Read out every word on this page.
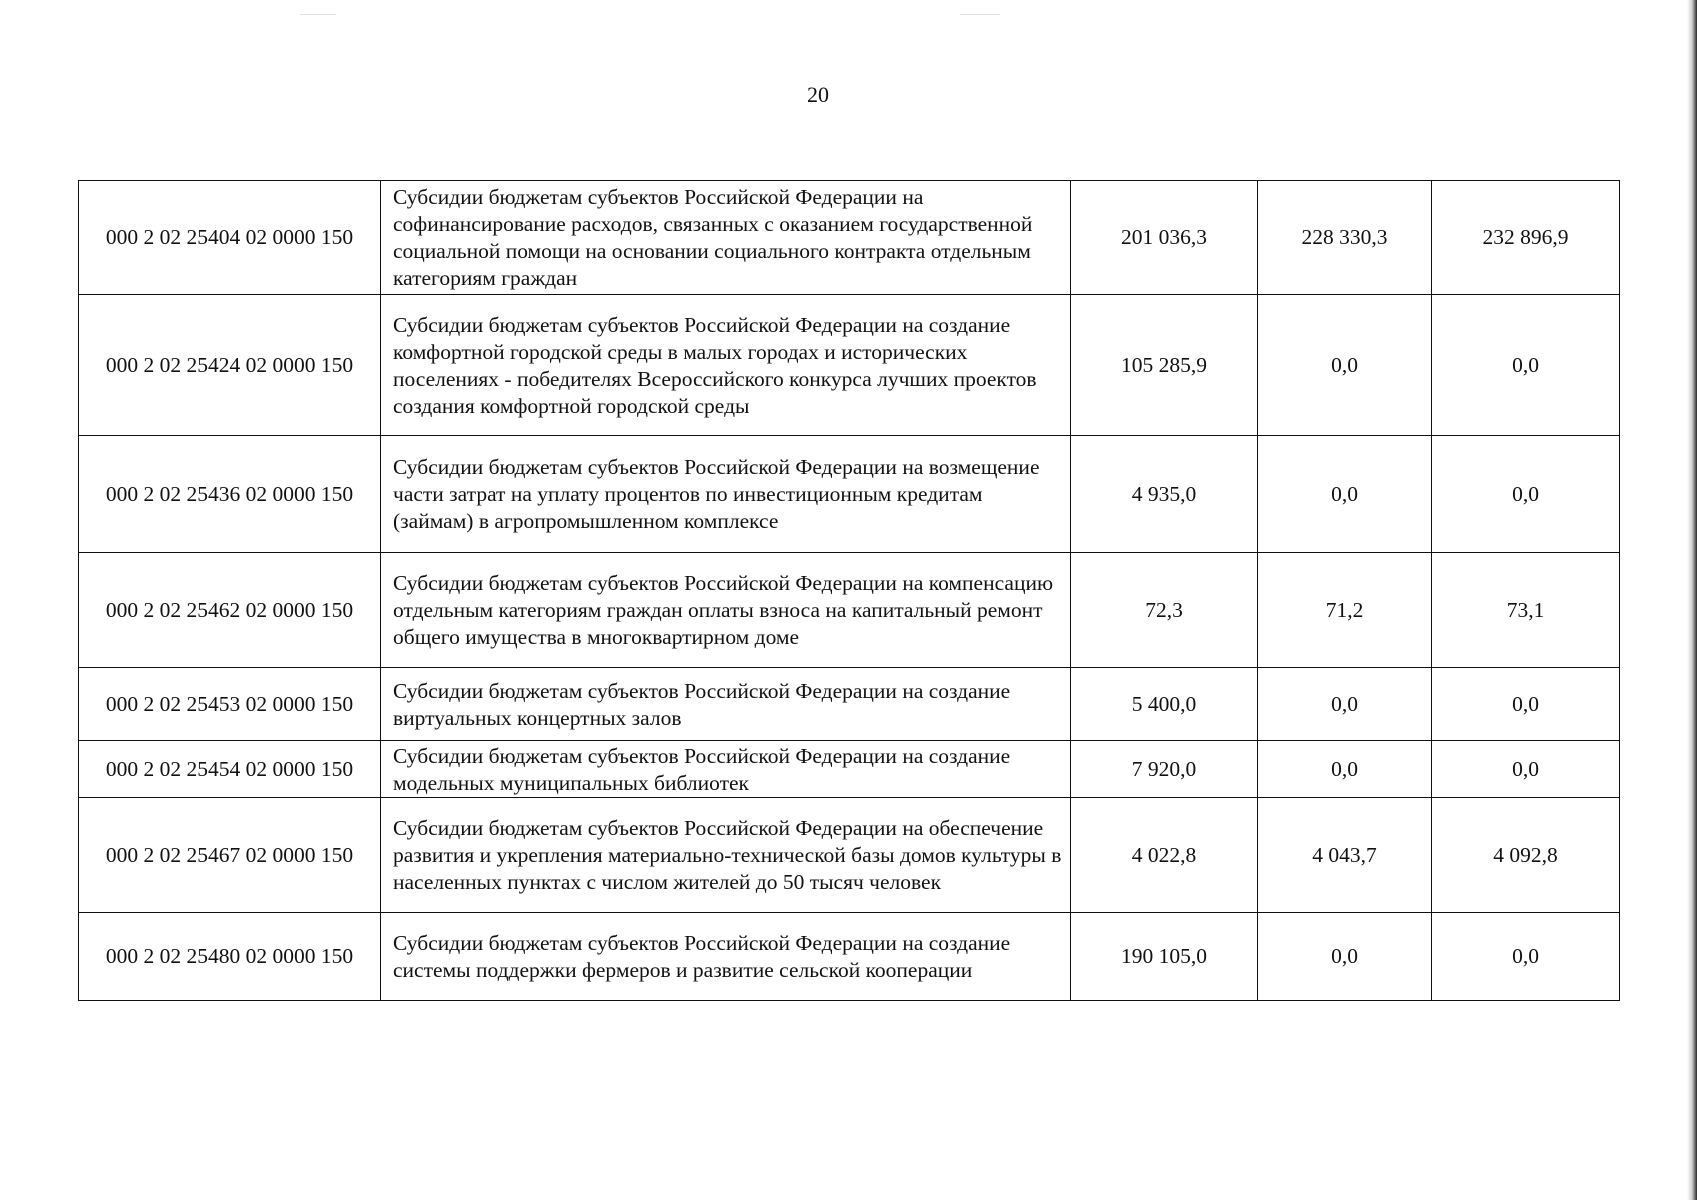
20
000 2 02 25404 02 0000 150	Субсидии бюджетам субъектов Российской Федерации на софинансирование расходов, связанных с оказанием государственной социальной помощи на основании социального контракта отдельным категориям граждан	201 036,3	228 330,3	232 896,9
000 2 02 25424 02 0000 150	Субсидии бюджетам субъектов Российской Федерации на создание комфортной городской среды в малых городах и исторических поселениях - победителях Всероссийского конкурса лучших проектов создания комфортной городской среды	105 285,9	0,0	0,0
000 2 02 25436 02 0000 150	Субсидии бюджетам субъектов Российской Федерации на возмещение части затрат на уплату процентов по инвестиционным кредитам (займам) в агропромышленном комплексе	4 935,0	0,0	0,0
000 2 02 25462 02 0000 150	Субсидии бюджетам субъектов Российской Федерации на компенсацию отдельным категориям граждан оплаты взноса на капитальный ремонт общего имущества в многоквартирном доме	72,3	71,2	73,1
000 2 02 25453 02 0000 150	Субсидии бюджетам субъектов Российской Федерации на создание виртуальных концертных залов	5 400,0	0,0	0,0
000 2 02 25454 02 0000 150	Субсидии бюджетам субъектов Российской Федерации на создание модельных муниципальных библиотек	7 920,0	0,0	0,0
000 2 02 25467 02 0000 150	Субсидии бюджетам субъектов Российской Федерации на обеспечение развития и укрепления материально-технической базы домов культуры в населенных пунктах с числом жителей до 50 тысяч человек	4 022,8	4 043,7	4 092,8
000 2 02 25480 02 0000 150	Субсидии бюджетам субъектов Российской Федерации на создание системы поддержки фермеров и развитие сельской кооперации	190 105,0	0,0	0,0
